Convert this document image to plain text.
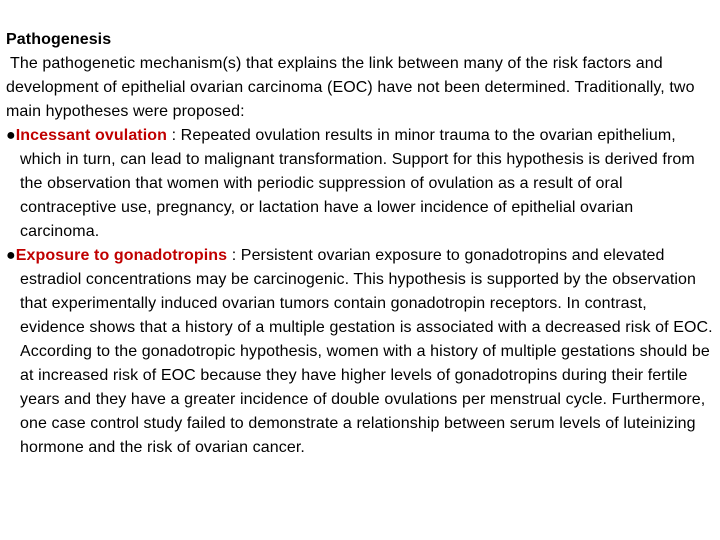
Pathogenesis

The pathogenetic mechanism(s) that explains the link between many of the risk factors and development of epithelial ovarian carcinoma (EOC) have not been determined. Traditionally, two main hypotheses were proposed:

●Incessant ovulation : Repeated ovulation results in minor trauma to the ovarian epithelium, which in turn, can lead to malignant transformation. Support for this hypothesis is derived from the observation that women with periodic suppression of ovulation as a result of oral contraceptive use, pregnancy, or lactation have a lower incidence of epithelial ovarian carcinoma.

●Exposure to gonadotropins : Persistent ovarian exposure to gonadotropins and elevated estradiol concentrations may be carcinogenic. This hypothesis is supported by the observation that experimentally induced ovarian tumors contain gonadotropin receptors. In contrast, evidence shows that a history of a multiple gestation is associated with a decreased risk of EOC. According to the gonadotropic hypothesis, women with a history of multiple gestations should be at increased risk of EOC because they have higher levels of gonadotropins during their fertile years and they have a greater incidence of double ovulations per menstrual cycle. Furthermore, one case control study failed to demonstrate a relationship between serum levels of luteinizing hormone and the risk of ovarian cancer.
